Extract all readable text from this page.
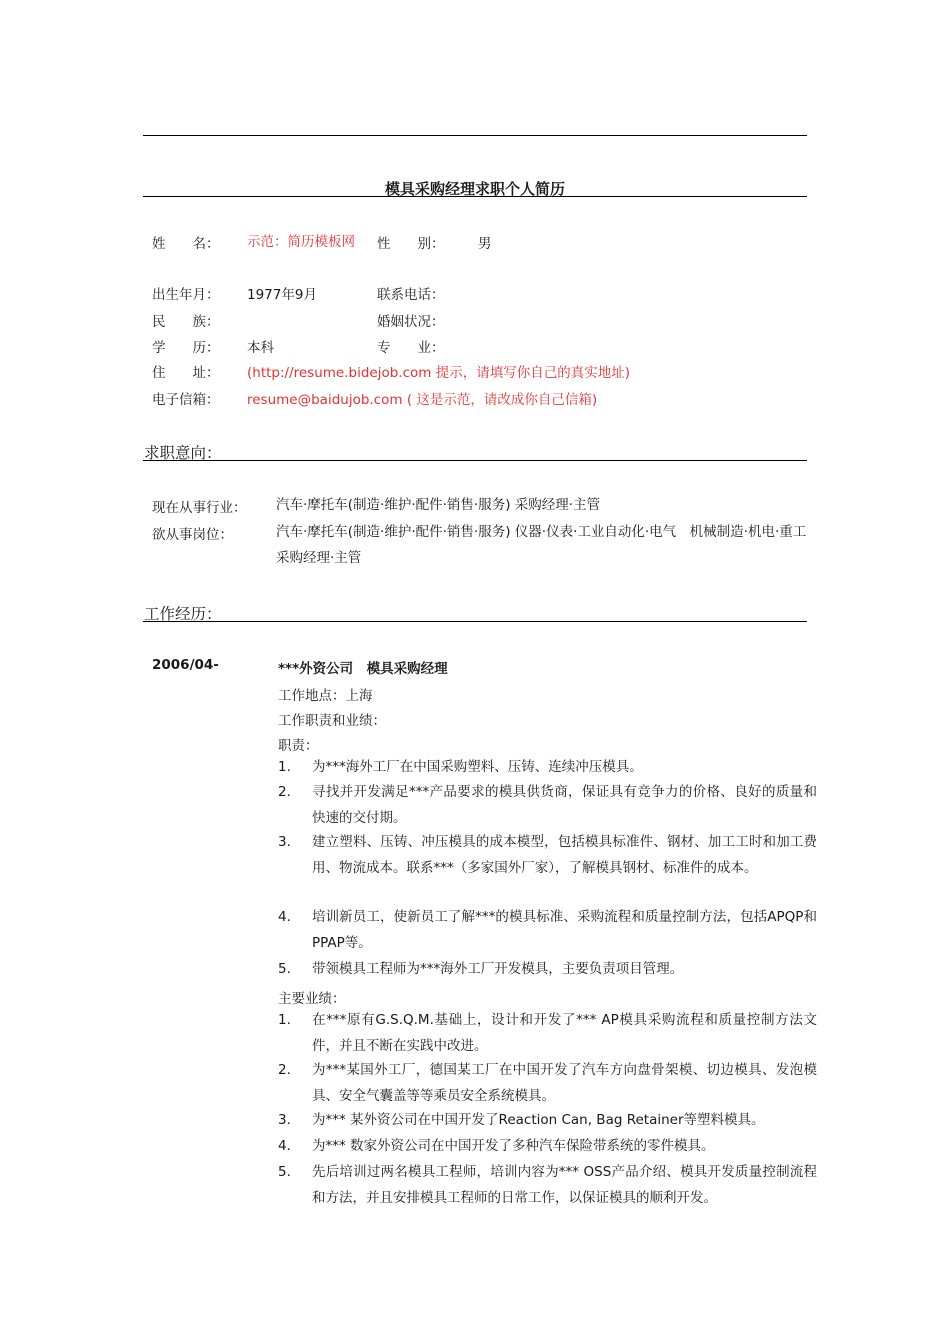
模具采购经理求职个人简历
姓　　名： 示范：简历模板网	性　　别： 男
出生年月： 1977年9月	联系电话：
民　　族：	婚姻状况：
学　　历： 本科	专　　业：
住　　址： (http://resume.bidejob.com 提示，请填写你自己的真实地址)
电子信箱： resume@baidujob.com ( 这是示范，请改成你自己信箱)
求职意向：
现在从事行业： 汽车·摩托车(制造·维护·配件·销售·服务) 采购经理·主管
欲从事岗位：	汽车·摩托车(制造·维护·配件·销售·服务) 仪器·仪表·工业自动化·电气　机械制造·机电·重工　采购经理·主管
工作经历：
2006/04-	***外资公司　模具采购经理
工作地点：上海
工作职责和业绩：
职责：
1.	为***海外工厂在中国采购塑料、压铸、连续冲压模具。
2.	寻找并开发满足***产品要求的模具供货商，保证具有竞争力的价格、良好的质量和快速的交付期。
3.	建立塑料、压铸、冲压模具的成本模型，包括模具标准件、钢材、加工工时和加工费用、物流成本。联系***（多家国外厂家），了解模具钢材、标准件的成本。
4.	培训新员工，使新员工了解***的模具标准、采购流程和质量控制方法，包括APQP和PPAP等。
5.	带领模具工程师为***海外工厂开发模具，主要负责项目管理。
主要业绩：
1.	在***原有G.S.Q.M.基础上，设计和开发了*** AP模具采购流程和质量控制方法文件，并且不断在实践中改进。
2.	为***某国外工厂，德国某工厂在中国开发了汽车方向盘骨架模、切边模具、发泡模具、安全气囊盖等等乘员安全系统模具。
3.	为*** 某外资公司在中国开发了Reaction Can, Bag Retainer等塑料模具。
4.	为*** 数家外资公司在中国开发了多种汽车保险带系统的零件模具。
5.	先后培训过两名模具工程师，培训内容为*** OSS产品介绍、模具开发质量控制流程和方法，并且安排模具工程师的日常工作，以保证模具的顺利开发。
